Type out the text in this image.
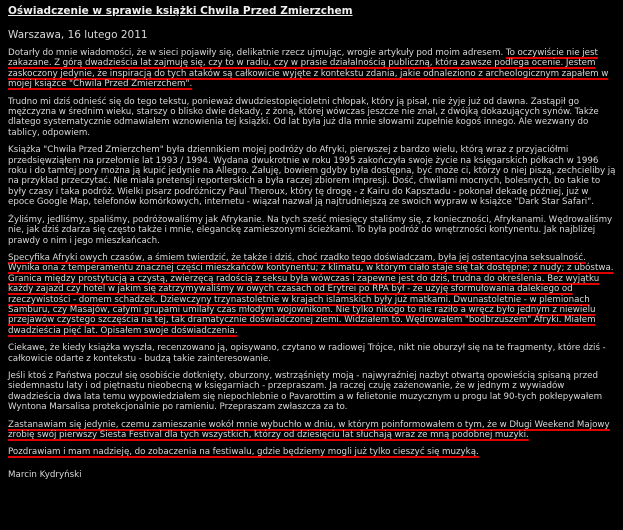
Oświadczenie w sprawie książki Chwila Przed Zmierzchem
Warszawa, 16 lutego 2011
Dotarły do mnie wiadomości, że w sieci pojawiły się, delikatnie rzecz ujmując, wrogie artykuły pod moim adresem. To oczywiście nie jest zakazane. Z górą dwadzieścia lat zajmuję się, czy to w radiu, czy w prasie działalnością publiczną, która zawsze podlega ocenie. Jestem zaskoczony jedynie, że inspiracją do tych ataków są całkowicie wyjęte z kontekstu zdania, jakie odnaleziono z archeologicznym zapałem w mojej książce "Chwila Przed Zmierzchem".
Trudno mi dziś odnieść się do tego tekstu, ponieważ dwudziestopięcioletni chłopak, który ją pisał, nie żyje już od dawna. Zastąpił go mężczyzna w średnim wieku, starszy o blisko dwie dekady, z żoną, której wówczas jeszcze nie znał, z dwójką dokazujących synów. Także dlatego systematycznie odmawiałem wznowienia tej książki. Od lat była już dla mnie słowami zupełnie kogoś innego. Ale wezwany do tablicy, odpowiem.
Książka "Chwila Przed Zmierzchem" była dziennikiem mojej podróży do Afryki, pierwszej z bardzo wielu, którą wraz z przyjaciółmi przedsięwziąłem na przełomie lat 1993 / 1994. Wydana dwukrotnie w roku 1995 zakończyła swoje życie na księgarskich półkach w 1996 roku i do tamtej pory można ją kupić jedynie na Allegro. Żałuję, bowiem gdyby była dostępna, być może ci, którzy o niej piszą, zechcieliby ją na przykład przeczytać. Nie miała pretensji reporterskich a była raczej zbiorem impresji. Dość, chwilami mocnych, bolesnych, bo takie to były czasy i taka podróż. Wielki pisarz podróżniczy Paul Theroux, który tę drogę - z Kairu do Kapsztadu - pokonał dekadę później, już w epoce Google Map, telefonów komórkowych, internetu - wiązał nazwał ją najtrudniejszą ze swoich wypraw w książce "Dark Star Safari".
Żyliśmy, jedliśmy, spaliśmy, podróżowaliśmy jak Afrykanie. Na tych sześć miesięcy staliśmy się, z konieczności, Afrykanami. Wędrowaliśmy nie, jak dziś zdarza się często także i mnie, eleganckę zamieszonymi ścieżkami. To była podróż do wnętrzności kontynentu. Jak najbliżej prawdy o nim i jego mieszkańcach.
Specyfika Afryki owych czasów, a śmiem twierdzić, że także i dziś, choć rzadko tego doświadczam, była jej ostentacyjna seksualność. Wynika ona z temperamentu znacznej części mieszkańców kontynentu; z klimatu, w którym ciało staje się tak dostępne; z nudy; z ubóstwa. Granica między prostytucją a czystą, zwierzęcą radością z seksu była wówczas i zapewne jest do dziś, trudna do określenia. Bez wyjątku każdy zajazd czy hotel w jakim się zatrzymywaliśmy w owych czasach od Erytrei po RPA był - że użyję sformułowania dalekiego od rzeczywistości - domem schadzek. Dziewczyny trzynastoletnie w krajach islamskich były już matkami. Dwunastoletnie - w plemionach Samburu, czy Masajów, całymi grupami umilały czas młodym wojownikom. Nie tylko nikogo to nie raziło a wręcz było jednym z niewielu przejawów czystego szczęścia na tej, tak dramatycznie doświadczonej ziemi. Widziałem to. Wędrowałem "bodbrzuszem" Afryki. Miałem dwadzieścia pięć lat. Opisałem swoje doświadczenia.
Ciekawe, że kiedy książka wyszła, recenzowano ją, opisywano, czytano w radiowej Trójce, nikt nie oburzył się na te fragmenty, które dziś - całkowicie odarte z kontekstu - budzą takie zainteresowanie.
Jeśli ktoś z Państwa poczuł się osobiście dotknięty, oburzony, wstrząśnięty moją - najwyraźniej nazbyt otwartą opowieścią spisaną przed siedemnastu laty i od piętnastu nieobecną w księgarniach - przepraszam. Ja raczej czuję zażenowanie, że w jednym z wywiadów dwadzieścia dwa lata temu wypowiedziałem się niepochlebnie o Pavarottim a w felietonie muzycznym u progu lat 90-tych pokłepywałem Wyntona Marsalisa protekcjonalnie po ramieniu. Przepraszam zwłaszcza za to.
Zastanawiam się jedynie, czemu zamieszanie wokół mnie wybuchło w dniu, w którym poinformowałem o tym, że w Długi Weekend Majowy zrobię swój pierwszy Siesta Festival dla tych wszystkich, którzy od dziesięciu lat słuchają wraz ze mną podobnej muzyki.
Pozdrawiam i mam nadzieję, do zobaczenia na festiwalu, gdzie będziemy mogli już tylko cieszyć się muzyką.
Marcin Kydryński
